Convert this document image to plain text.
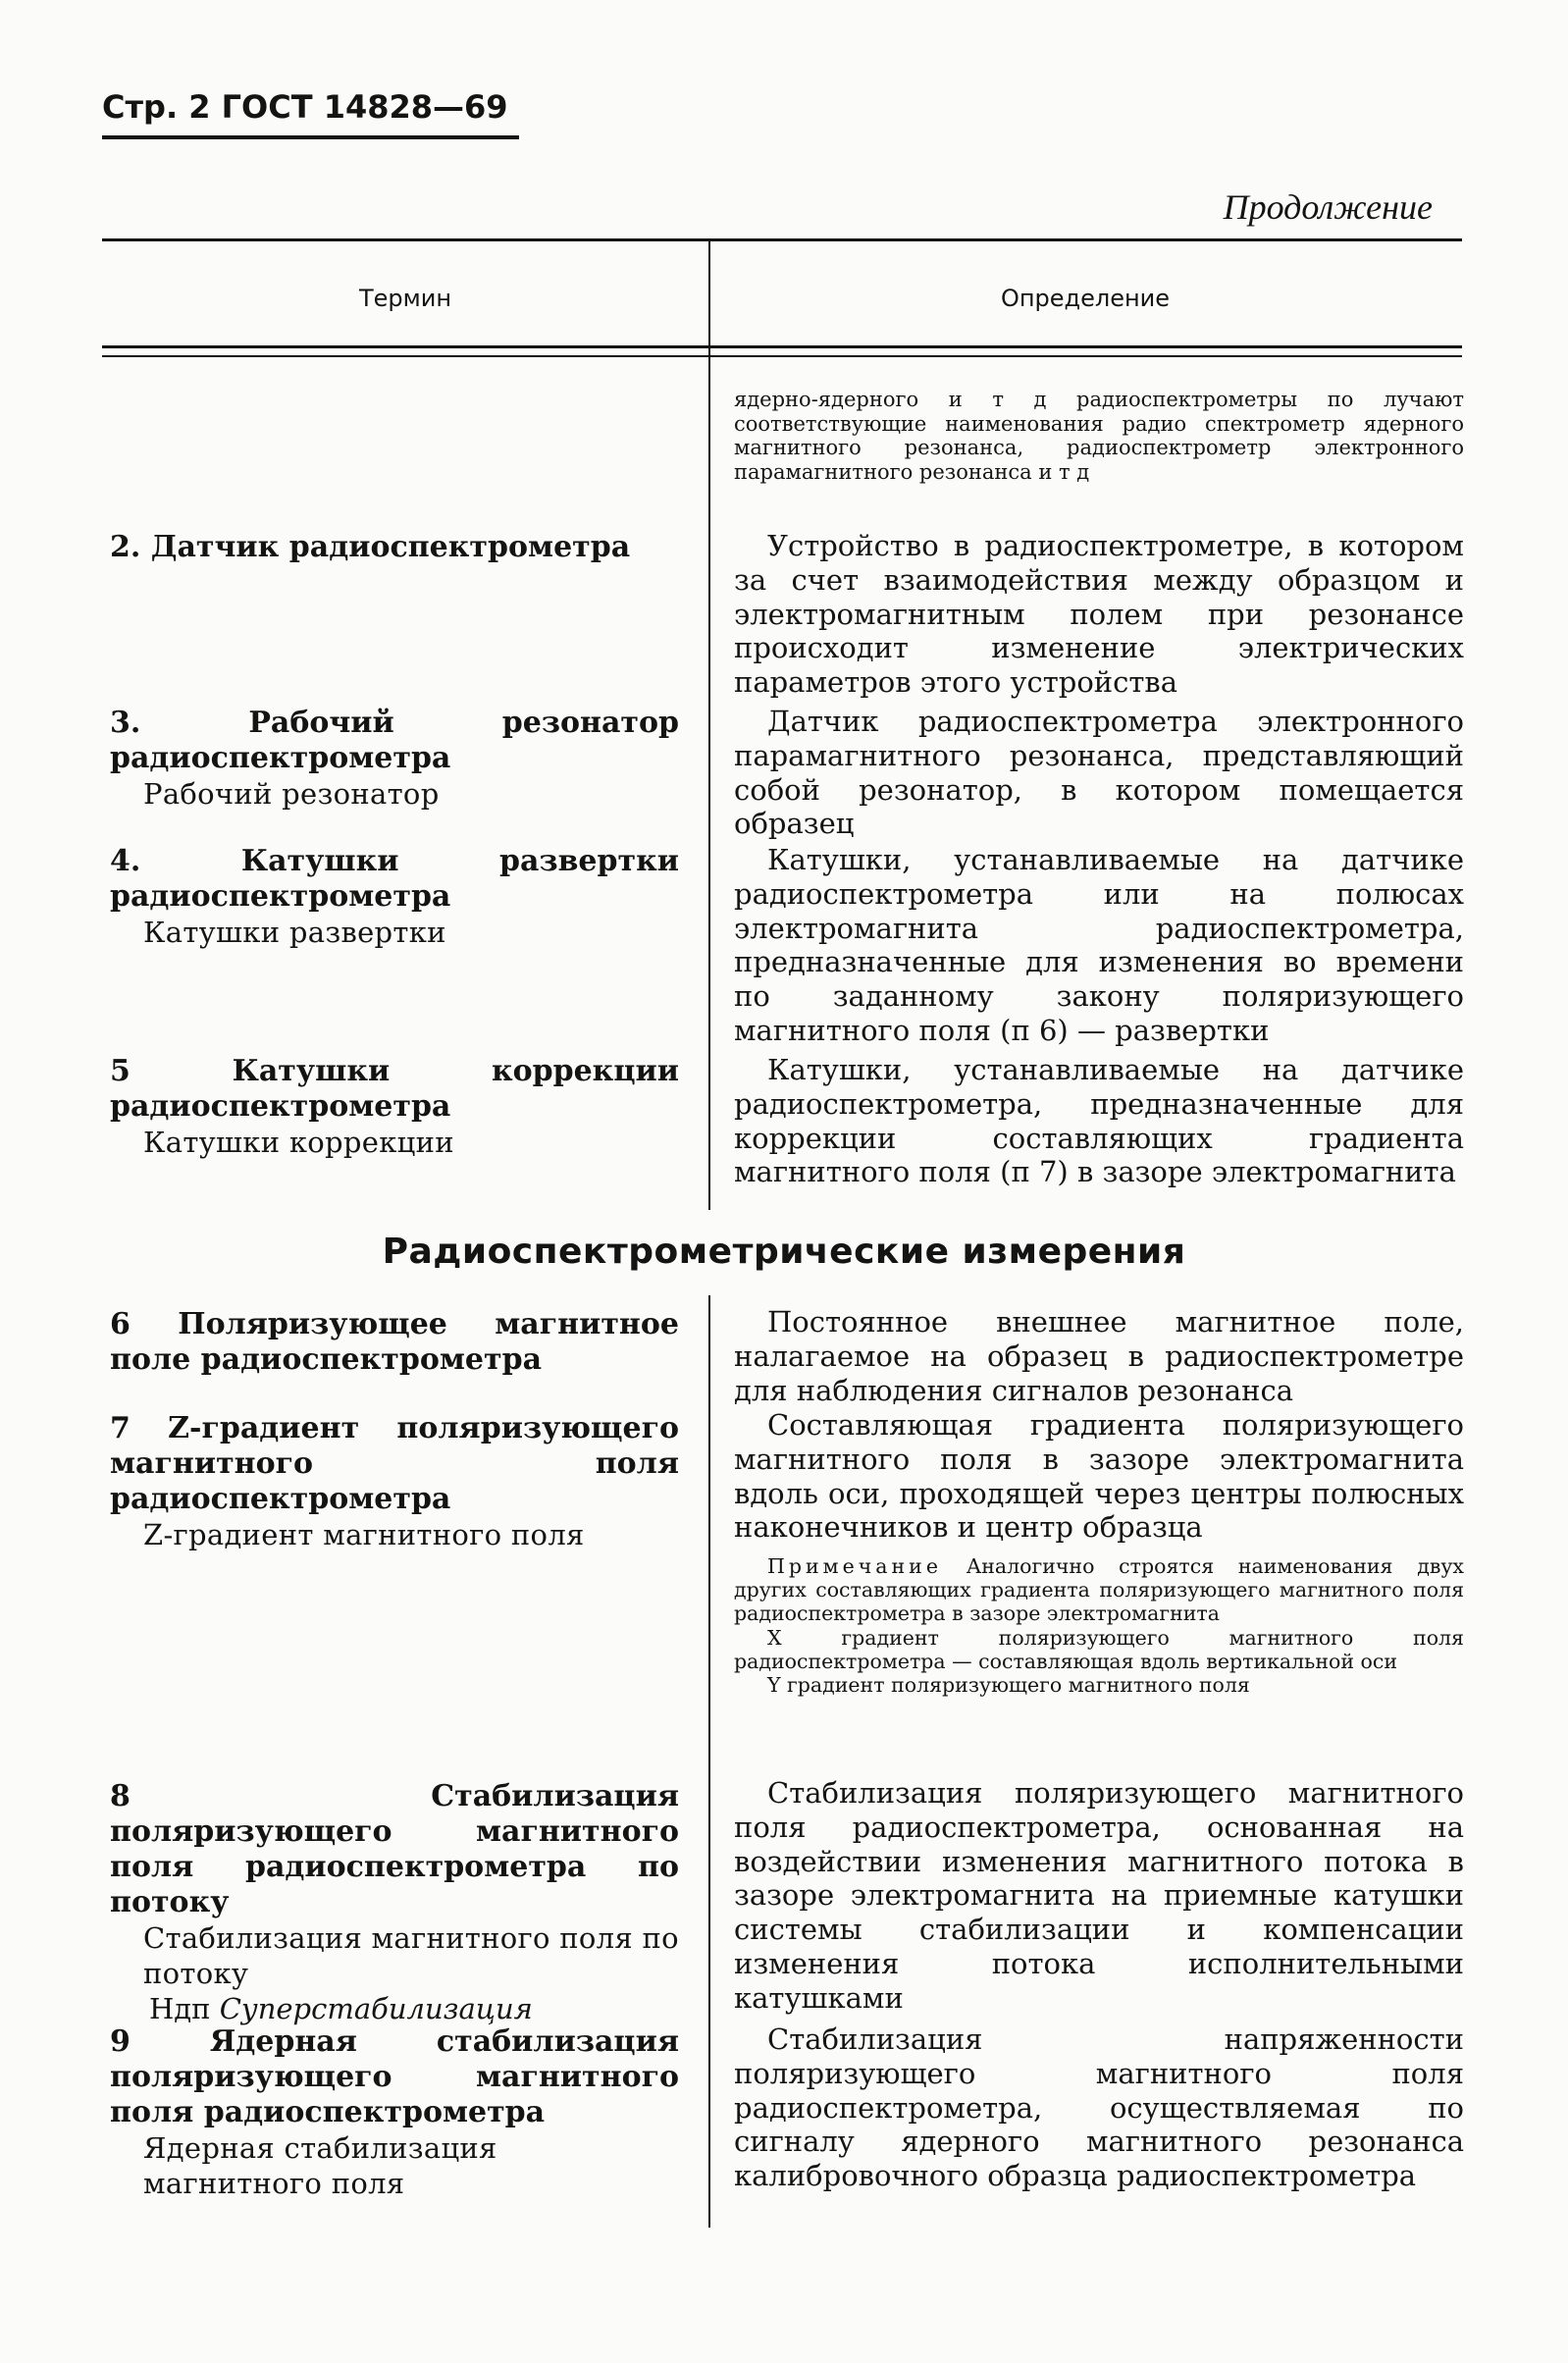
Стр. 2 ГОСТ 14828—69
Продолжение
Термин	Определение
ядерно-ядерного и т д радиоспектрометры по лучают соответствующие наименования радио спектрометр ядерного магнитного резонанса, радиоспектрометр электронного парамагнитного резонанса и т д
2. Датчик радиоспектрометра	Устройство в радиоспектрометре, в котором за счет взаимодействия между образцом и электромагнитным полем при резонансе происходит изменение электрических параметров этого устройства
3. Рабочий резонатор радиоспектрометра
Рабочий резонатор
Датчик радиоспектрометра электронного парамагнитного резонанса, представляющий собой резонатор, в котором помещается образец
4. Катушки развертки радиоспектрометра
Катушки развертки
Катушки, устанавливаемые на датчике радиоспектрометра или на полюсах электромагнита радиоспектрометра, предназначенные для изменения во времени по заданному закону поляризующего магнитного поля (п 6) — развертки
5 Катушки коррекции радиоспектрометра
Катушки коррекции
Катушки, устанавливаемые на датчике радиоспектрометра, предназначенные для коррекции составляющих градиента магнитного поля (п 7) в зазоре электромагнита
Радиоспектрометрические измерения
6 Поляризующее магнитное поле радиоспектрометра
Постоянное внешнее магнитное поле, налагаемое на образец в радиоспектрометре для наблюдения сигналов резонанса
7 Z-градиент поляризующего магнитного поля радиоспектрометра
Z-градиент магнитного поля
Составляющая градиента поляризующего магнитного поля в зазоре электромагнита вдоль оси, проходящей через центры полюсных наконечников и центр образца
Примечание Аналогично строятся наименования двух других составляющих градиента поляризующего магнитного поля радиоспектрометра в зазоре электромагнита
X градиент поляризующего магнитного поля радиоспектрометра — составляющая вдоль вертикальной оси
Y градиент поляризующего магнитного поля
8 Стабилизация поляризующего магнитного поля радиоспектрометра по потоку
Стабилизация магнитного поля по потоку
Ндп Суперстабилизация
Стабилизация поляризующего магнитного поля радиоспектрометра, основанная на воздействии изменения магнитного потока в зазоре электромагнита на приемные катушки системы стабилизации и компенсации изменения потока исполнительными катушками
9 Ядерная стабилизация поляризующего магнитного поля радиоспектрометра
Ядерная стабилизация магнитного поля
Стабилизация напряженности поляризующего магнитного поля радиоспектрометра, осуществляемая по сигналу ядерного магнитного резонанса калибровочного образца радиоспектрометра
